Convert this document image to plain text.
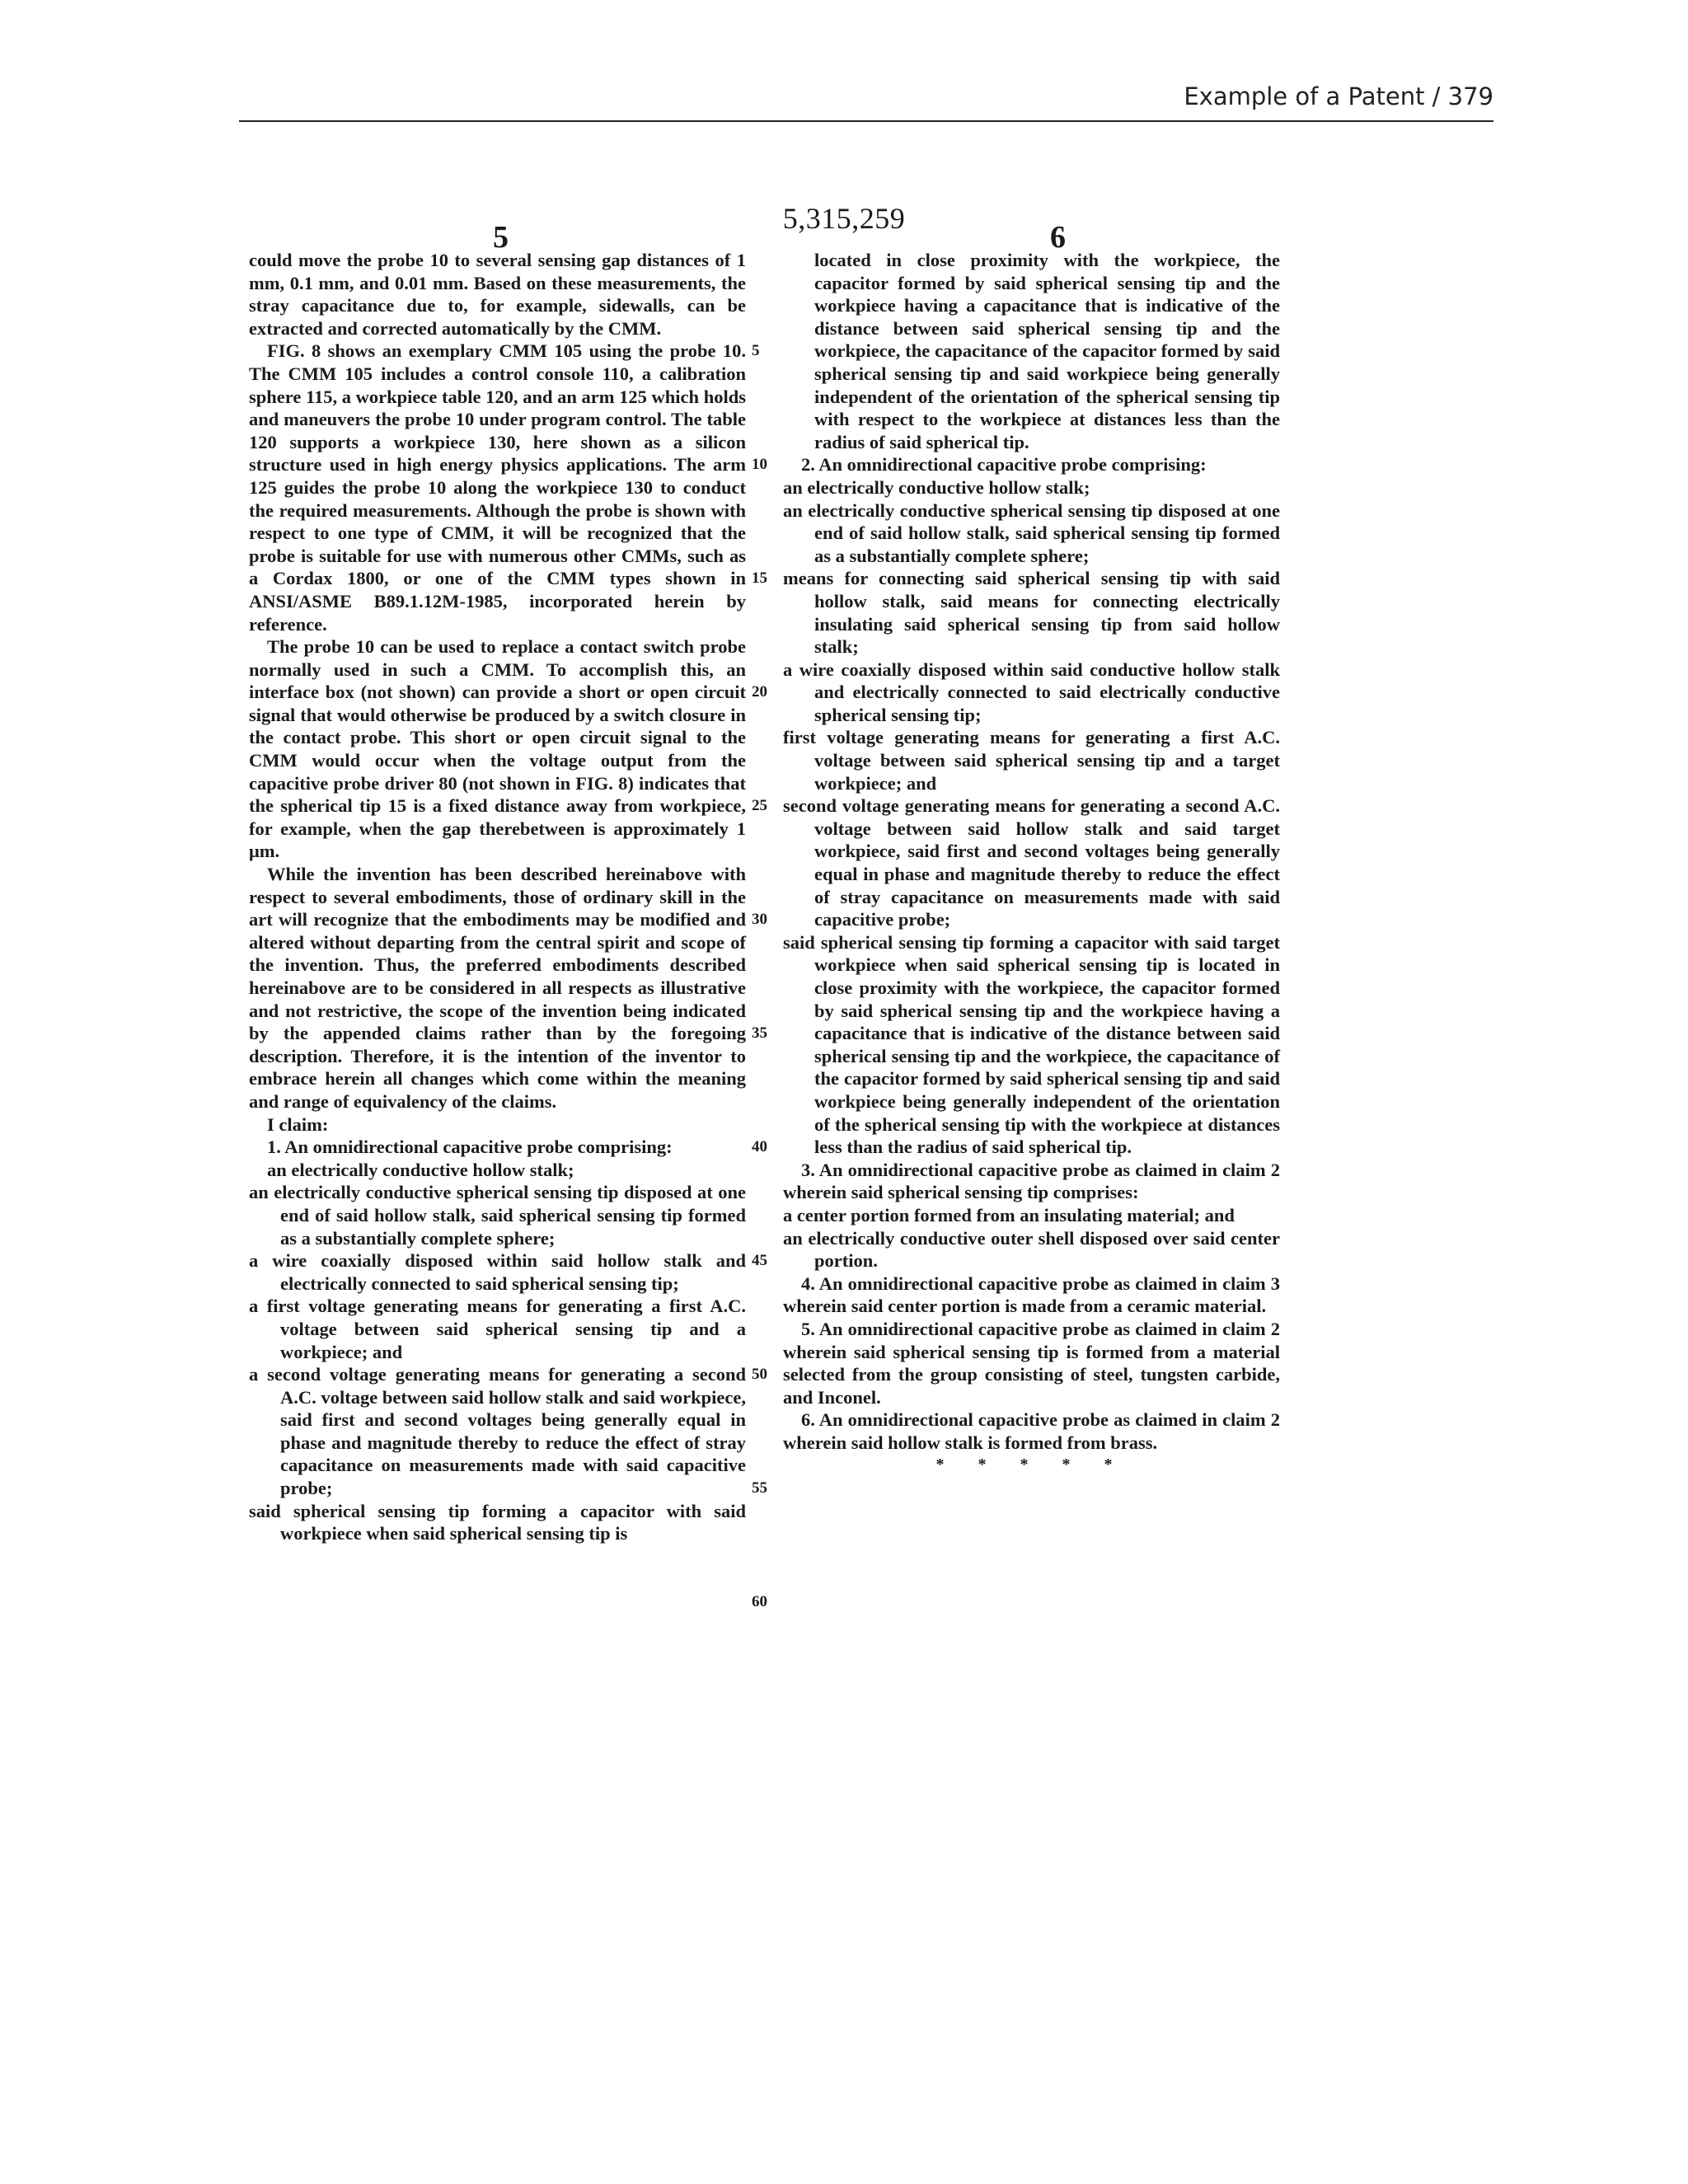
Example of a Patent / 379
5,315,259
5	6

could move the probe 10 to several sensing gap distances of 1 mm, 0.1 mm, and 0.01 mm. Based on these measurements, the stray capacitance due to, for example, sidewalls, can be extracted and corrected automatically by the CMM.

FIG. 8 shows an exemplary CMM 105 using the probe 10. The CMM 105 includes a control console 110, a calibration sphere 115, a workpiece table 120, and an arm 125 which holds and maneuvers the probe 10 under program control. The table 120 supports a workpiece 130, here shown as a silicon structure used in high energy physics applications. The arm 125 guides the probe 10 along the workpiece 130 to conduct the required measurements. Although the probe is shown with respect to one type of CMM, it will be recognized that the probe is suitable for use with numerous other CMMs, such as a Cordax 1800, or one of the CMM types shown in ANSI/ASME B89.1.12M-1985, incorporated herein by reference.

The probe 10 can be used to replace a contact switch probe normally used in such a CMM. To accomplish this, an interface box (not shown) can provide a short or open circuit signal that would otherwise be produced by a switch closure in the contact probe. This short or open circuit signal to the CMM would occur when the voltage output from the capacitive probe driver 80 (not shown in FIG. 8) indicates that the spherical tip 15 is a fixed distance away from workpiece, for example, when the gap therebetween is approximately 1 μm.

While the invention has been described hereinabove with respect to several embodiments, those of ordinary skill in the art will recognize that the embodiments may be modified and altered without departing from the central spirit and scope of the invention. Thus, the preferred embodiments described hereinabove are to be considered in all respects as illustrative and not restrictive, the scope of the invention being indicated by the appended claims rather than by the foregoing description. Therefore, it is the intention of the inventor to embrace herein all changes which come within the meaning and range of equivalency of the claims.

I claim:

1. An omnidirectional capacitive probe comprising:

an electrically conductive hollow stalk;

an electrically conductive spherical sensing tip disposed at one end of said hollow stalk, said spherical sensing tip formed as a substantially complete sphere;

a wire coaxially disposed within said hollow stalk and electrically connected to said spherical sensing tip;

a first voltage generating means for generating a first A.C. voltage between said spherical sensing tip and a workpiece; and

a second voltage generating means for generating a second A.C. voltage between said hollow stalk and said workpiece, said first and second voltages being generally equal in phase and magnitude thereby to reduce the effect of stray capacitance on measurements made with said capacitive probe;

said spherical sensing tip forming a capacitor with said workpiece when said spherical sensing tip is

5
10
15
20
25
30
35
40
45
50
55
60

located in close proximity with the workpiece, the capacitor formed by said spherical sensing tip and the workpiece having a capacitance that is indicative of the distance between said spherical sensing tip and the workpiece, the capacitance of the capacitor formed by said spherical sensing tip and said workpiece being generally independent of the orientation of the spherical sensing tip with respect to the workpiece at distances less than the radius of said spherical tip.

2. An omnidirectional capacitive probe comprising:

an electrically conductive hollow stalk;

an electrically conductive spherical sensing tip disposed at one end of said hollow stalk, said spherical sensing tip formed as a substantially complete sphere;

means for connecting said spherical sensing tip with said hollow stalk, said means for connecting electrically insulating said spherical sensing tip from said hollow stalk;

a wire coaxially disposed within said conductive hollow stalk and electrically connected to said electrically conductive spherical sensing tip;

first voltage generating means for generating a first A.C. voltage between said spherical sensing tip and a target workpiece; and

second voltage generating means for generating a second A.C. voltage between said hollow stalk and said target workpiece, said first and second voltages being generally equal in phase and magnitude thereby to reduce the effect of stray capacitance on measurements made with said capacitive probe;

said spherical sensing tip forming a capacitor with said target workpiece when said spherical sensing tip is located in close proximity with the workpiece, the capacitor formed by said spherical sensing tip and the workpiece having a capacitance that is indicative of the distance between said spherical sensing tip and the workpiece, the capacitance of the capacitor formed by said spherical sensing tip and said workpiece being generally independent of the orientation of the spherical sensing tip with the workpiece at distances less than the radius of said spherical tip.

3. An omnidirectional capacitive probe as claimed in claim 2 wherein said spherical sensing tip comprises:

a center portion formed from an insulating material; and

an electrically conductive outer shell disposed over said center portion.

4. An omnidirectional capacitive probe as claimed in claim 3 wherein said center portion is made from a ceramic material.

5. An omnidirectional capacitive probe as claimed in claim 2 wherein said spherical sensing tip is formed from a material selected from the group consisting of steel, tungsten carbide, and Inconel.

6. An omnidirectional capacitive probe as claimed in claim 2 wherein said hollow stalk is formed from brass.

* * * * *
